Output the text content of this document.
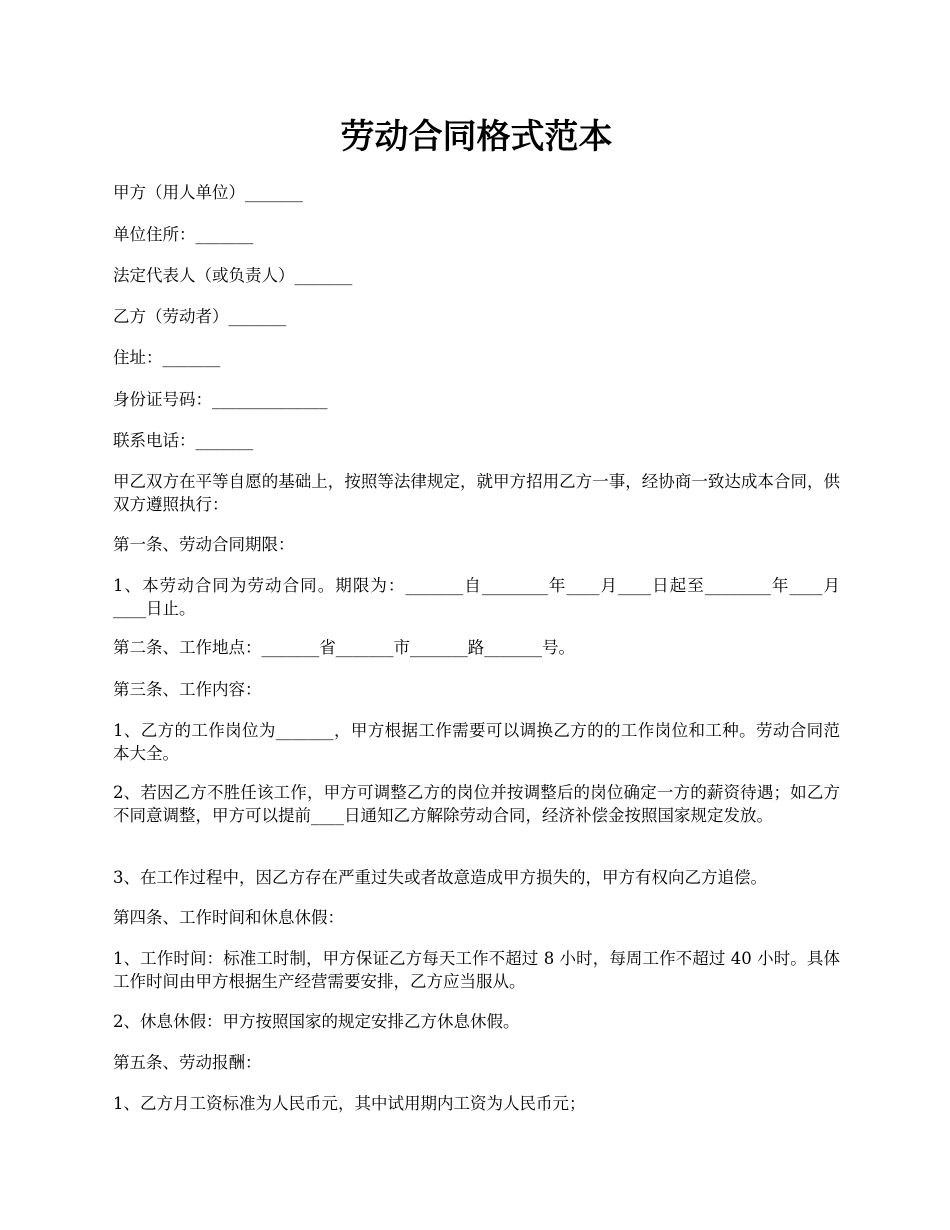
劳动合同格式范本

甲方（用人单位）_______

单位住所：_______

法定代表人（或负责人）_______

乙方（劳动者）_______

住址：_______

身份证号码：______________

联系电话：_______

甲乙双方在平等自愿的基础上，按照等法律规定，就甲方招用乙方一事，经协商一致达成本合同，供双方遵照执行：

第一条、劳动合同期限：

1、本劳动合同为劳动合同。期限为：_______自________年____月____日起至________年____月____日止。

第二条、工作地点：_______省_______市_______路_______号。

第三条、工作内容：

1、乙方的工作岗位为_______，甲方根据工作需要可以调换乙方的的工作岗位和工种。劳动合同范本大全。

2、若因乙方不胜任该工作，甲方可调整乙方的岗位并按调整后的岗位确定一方的薪资待遇；如乙方不同意调整，甲方可以提前____日通知乙方解除劳动合同，经济补偿金按照国家规定发放。

3、在工作过程中，因乙方存在严重过失或者故意造成甲方损失的，甲方有权向乙方追偿。

第四条、工作时间和休息休假：

1、工作时间：标准工时制，甲方保证乙方每天工作不超过 8 小时，每周工作不超过 40 小时。具体工作时间由甲方根据生产经营需要安排，乙方应当服从。

2、休息休假：甲方按照国家的规定安排乙方休息休假。

第五条、劳动报酬：

1、乙方月工资标准为人民币元，其中试用期内工资为人民币元；
